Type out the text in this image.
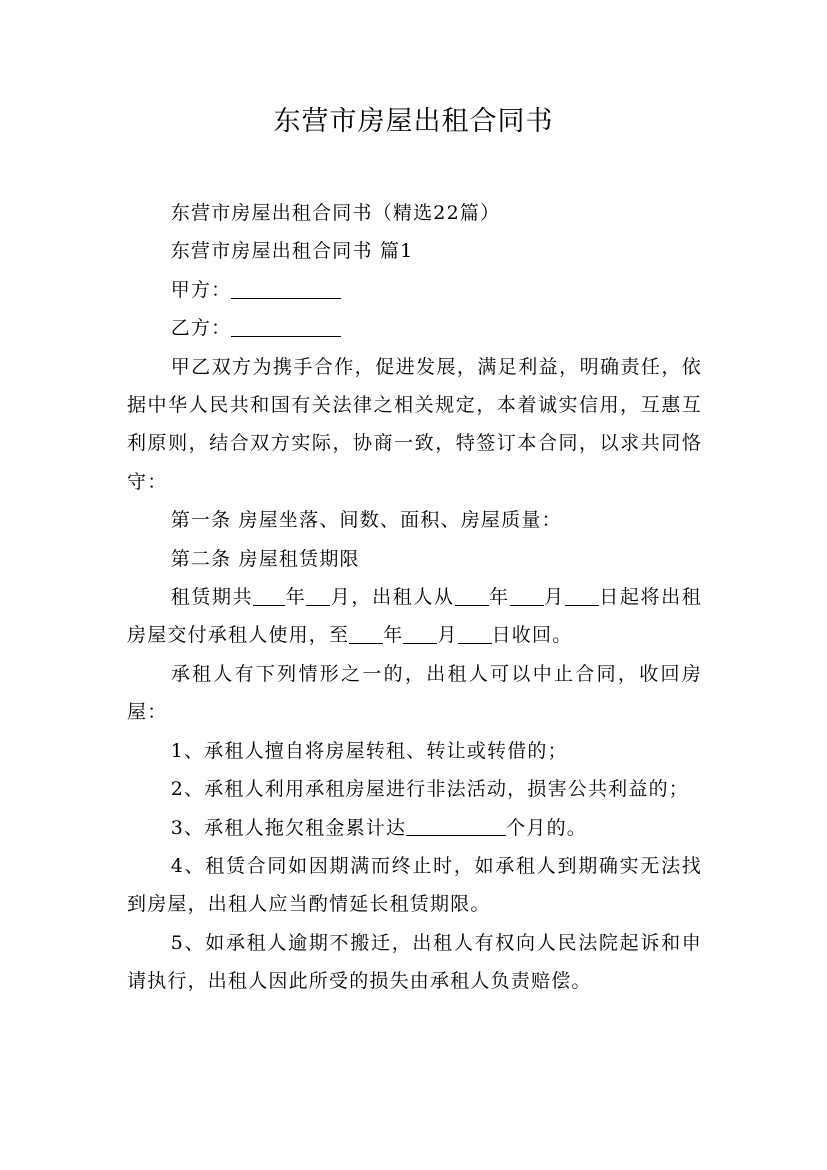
东营市房屋出租合同书

东营市房屋出租合同书（精选22篇）

东营市房屋出租合同书 篇1

甲方：

乙方：

甲乙双方为携手合作，促进发展，满足利益，明确责任，依据中华人民共和国有关法律之相关规定，本着诚实信用，互惠互利原则，结合双方实际，协商一致，特签订本合同，以求共同恪守：

第一条 房屋坐落、间数、面积、房屋质量：

第二条 房屋租赁期限

租赁期共 年 月，出租人从 年 月 日起将出租房屋交付承租人使用，至 年 月 日收回。

承租人有下列情形之一的，出租人可以中止合同，收回房屋：

1、承租人擅自将房屋转租、转让或转借的；

2、承租人利用承租房屋进行非法活动，损害公共利益的；

3、承租人拖欠租金累计达	个月的。

4、租赁合同如因期满而终止时，如承租人到期确实无法找到房屋，出租人应当酌情延长租赁期限。

5、如承租人逾期不搬迁，出租人有权向人民法院起诉和申请执行，出租人因此所受的损失由承租人负责赔偿。
